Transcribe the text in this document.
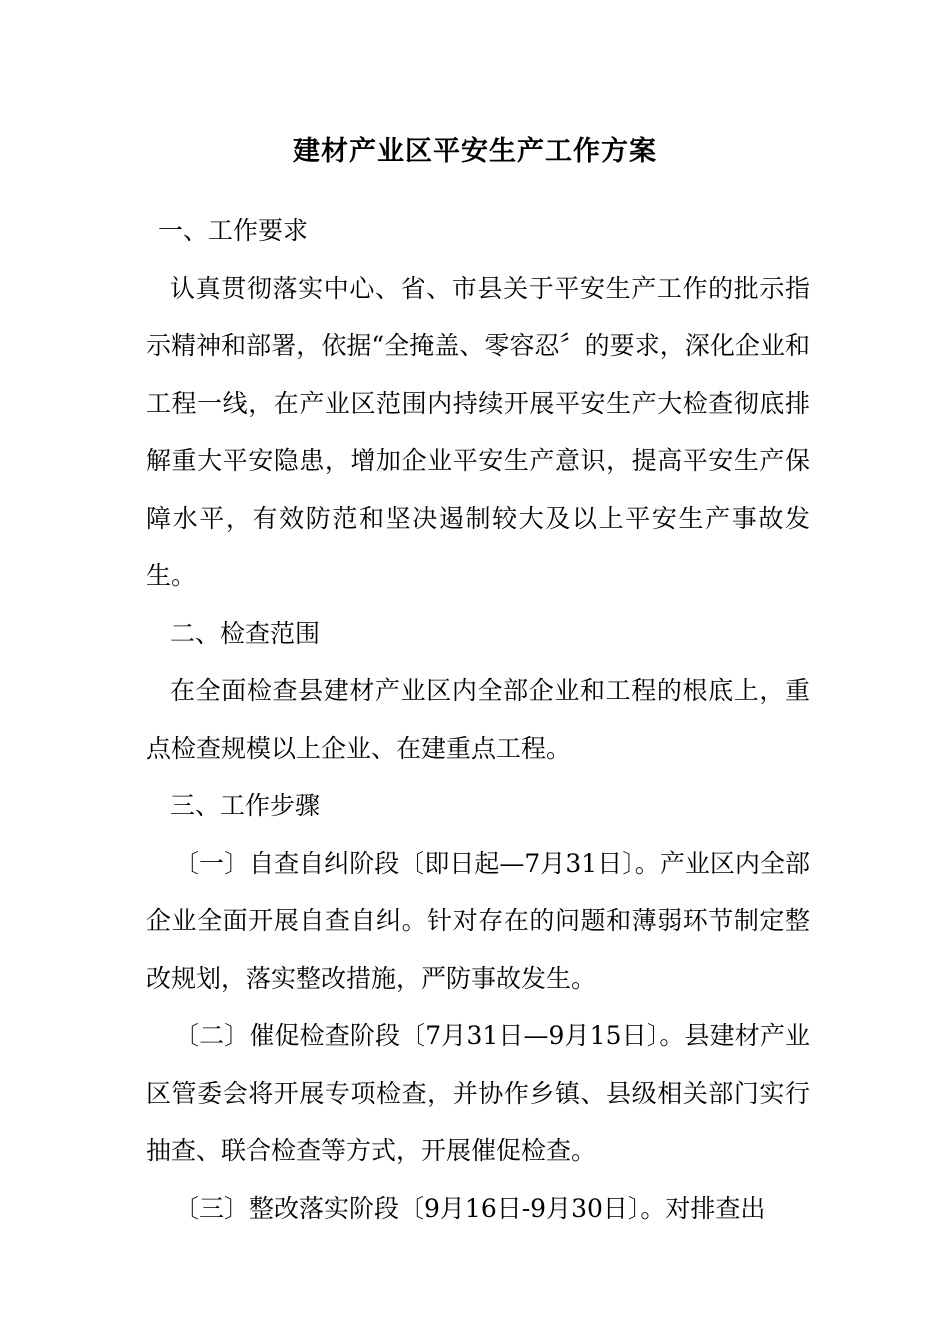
建材产业区平安生产工作方案

一、工作要求

认真贯彻落实中心、省、市县关于平安生产工作的批示指示精神和部署，依据“全掩盖、零容忍〞的要求，深化企业和工程一线，在产业区范围内持续开展平安生产大检查彻底排解重大平安隐患，增加企业平安生产意识，提高平安生产保障水平，有效防范和坚决遏制较大及以上平安生产事故发生。

二、检查范围

在全面检查县建材产业区内全部企业和工程的根底上，重点检查规模以上企业、在建重点工程。

三、工作步骤

〔一〕自查自纠阶段〔即日起—7月31日〕。产业区内全部企业全面开展自查自纠。针对存在的问题和薄弱环节制定整改规划，落实整改措施，严防事故发生。

〔二〕催促检查阶段〔7月31日—9月15日〕。县建材产业区管委会将开展专项检查，并协作乡镇、县级相关部门实行抽查、联合检查等方式，开展催促检查。

〔三〕整改落实阶段〔9月16日-9月30日〕。对排查出
